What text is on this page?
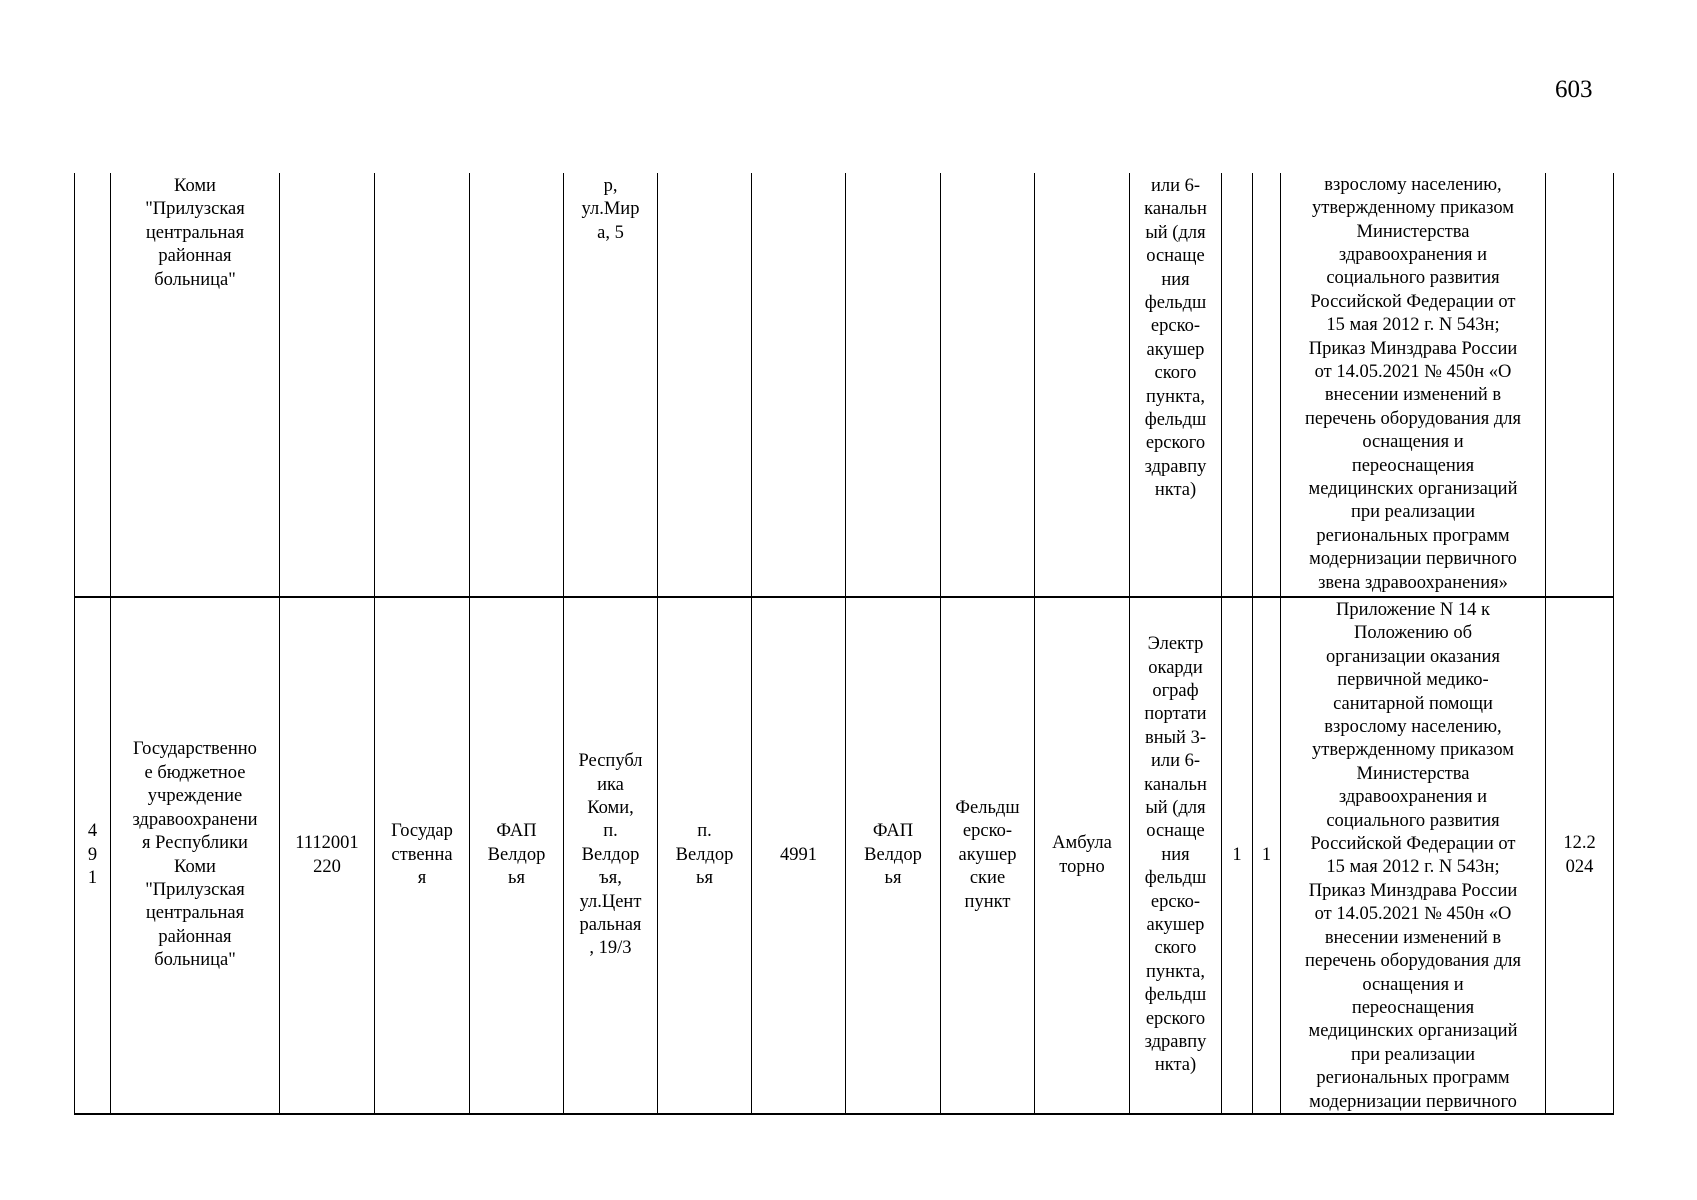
603
Коми
"Прилузская
центральная
районная
больница"
р,
ул.Мир
а, 5
или 6-
канальн
ый (для
оснаще
ния
фельдш
ерско-
акушер
ского
пункта,
фельдш
ерского
здравпу
нкта)
взрослому населению,
утвержденному приказом
Министерства
здравоохранения и
социального развития
Российской Федерации от
15 мая 2012 г. N 543н;
Приказ Минздрава России
от 14.05.2021 № 450н «О
внесении изменений в
перечень оборудования для
оснащения и
переоснащения
медицинских организаций
при реализации
региональных программ
модернизации первичного
звена здравоохранения»
4
9
1
Государственно
е бюджетное
учреждение
здравоохранени
я Республики
Коми
"Прилузская
центральная
районная
больница"
1112001
220
Государ
ственна
я
ФАП
Велдор
ья
Республ
ика
Коми,
п.
Велдор
ъя,
ул.Цент
ральная
, 19/3
п.
Велдор
ья
4991
ФАП
Велдор
ья
Фельдш
ерско-
акушер
ские
пункт
Амбула
торно
Электр
окарди
ограф
портати
вный 3-
или 6-
канальн
ый (для
оснаще
ния
фельдш
ерско-
акушер
ского
пункта,
фельдш
ерского
здравпу
нкта)
1	1
Приложение N 14 к
Положению об
организации оказания
первичной медико-
санитарной помощи
взрослому населению,
утвержденному приказом
Министерства
здравоохранения и
социального развития
Российской Федерации от
15 мая 2012 г. N 543н;
Приказ Минздрава России
от 14.05.2021 № 450н «О
внесении изменений в
перечень оборудования для
оснащения и
переоснащения
медицинских организаций
при реализации
региональных программ
модернизации первичного
12.2
024
